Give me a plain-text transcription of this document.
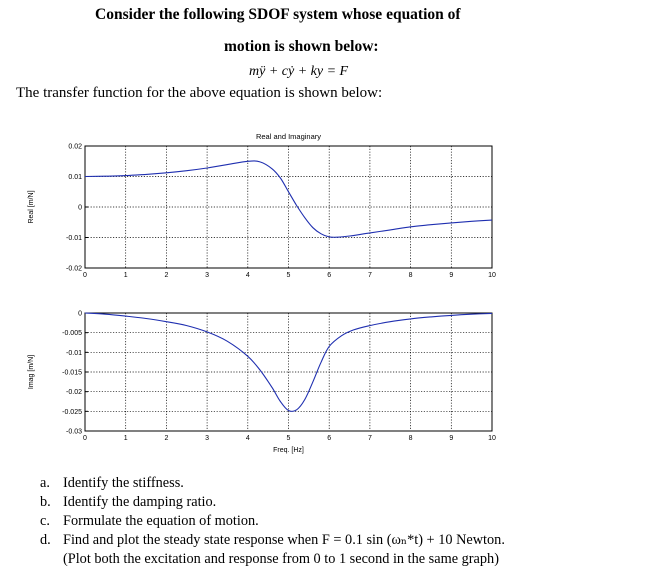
Consider the following SDOF system whose equation of
motion is shown below:
mÿ + cẏ + ky = F
The transfer function for the above equation is shown below:
0	1	2	3	4	5	6	7	8	9	10
0.02
0.01
0
-0.01
-0.02
Real and Imaginary
Real [m/N]
0	1	2	3	4	5	6	7	8	9	10
0
-0.005
-0.01
-0.015
-0.02
-0.025
-0.03
Imag [m/N]
Freq. [Hz]
a. Identify the stiffness.
b. Identify the damping ratio.
c. Formulate the equation of motion.
d. Find and plot the steady state response when F = 0.1 sin (ωₙ*t) + 10 Newton.
(Plot both the excitation and response from 0 to 1 second in the same graph)
